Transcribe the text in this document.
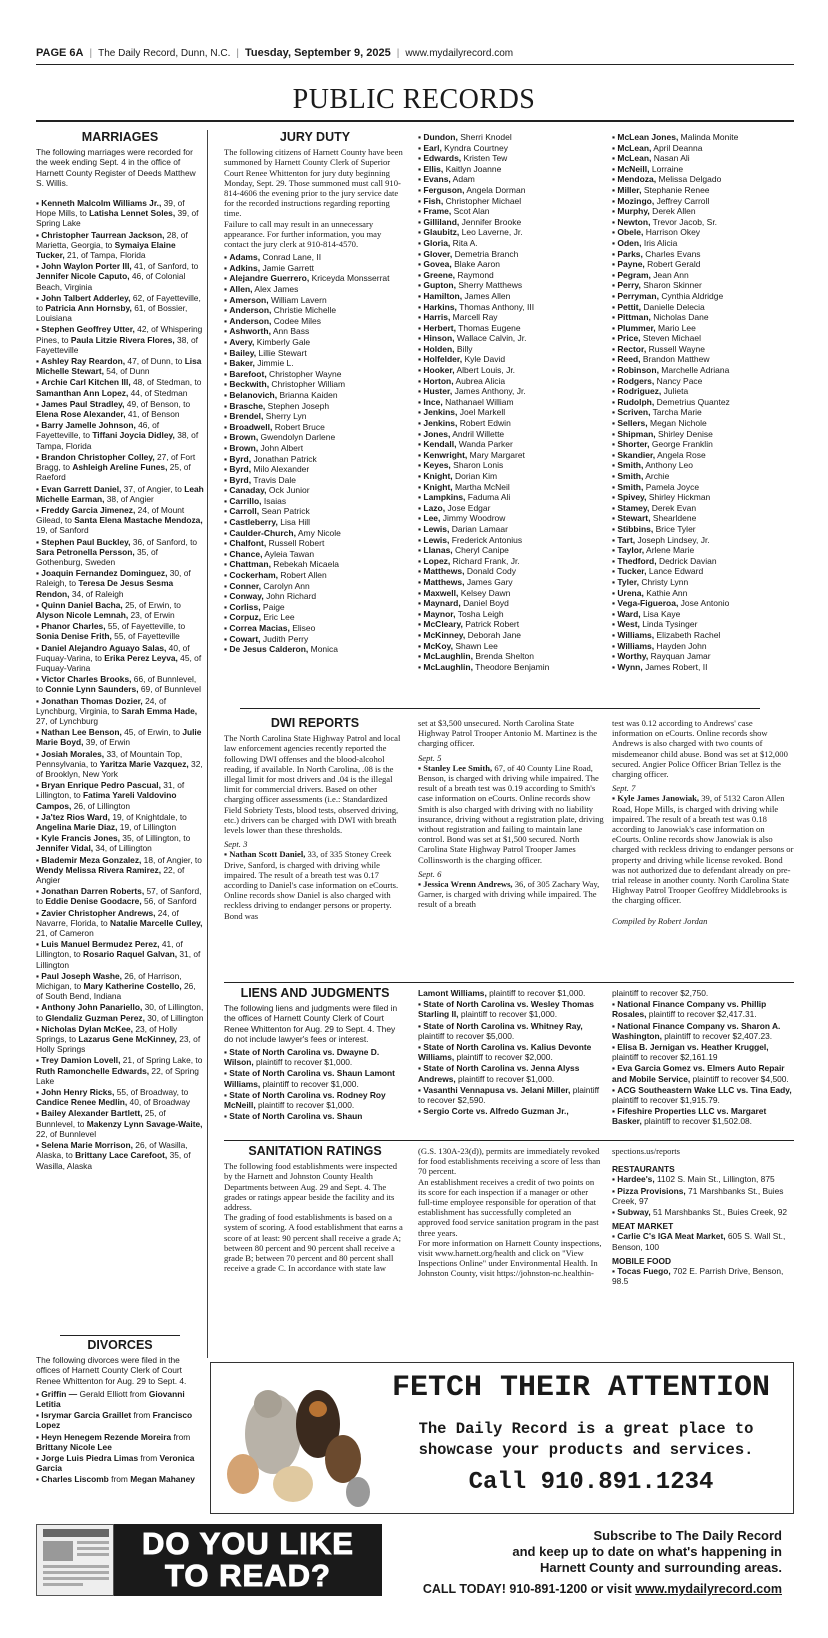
PAGE 6A | The Daily Record, Dunn, N.C. | Tuesday, September 9, 2025 | www.mydailyrecord.com
PUBLIC RECORDS
MARRIAGES

The following marriages were recorded for the week ending Sept. 4 in the office of Harnett County Register of Deeds Matthew S. Willis.

▪ Kenneth Malcolm Williams Jr., 39, of Hope Mills, to Latisha Lennet Soles, 39, of Spring Lake
▪ Christopher Taurrean Jackson, 28, of Marietta, Georgia, to Symaiya Elaine Tucker, 21, of Tampa, Florida
▪ John Waylon Porter III, 41, of Sanford, to Jennifer Nicole Caputo, 46, of Colonial Beach, Virginia
▪ John Talbert Adderley, 62, of Fayetteville, to Patricia Ann Hornsby, 61, of Bossier, Louisiana
▪ Stephen Geoffrey Utter, 42, of Whispering Pines, to Paula Litzie Rivera Flores, 38, of Fayetteville
▪ Ashley Ray Reardon, 47, of Dunn, to Lisa Michelle Stewart, 54, of Dunn
▪ Archie Carl Kitchen III, 48, of Stedman, to Samanthan Ann Lopez, 44, of Stedman
▪ James Paul Stradley, 49, of Benson, to Elena Rose Alexander, 41, of Benson
▪ Barry Jamelle Johnson, 46, of Fayetteville, to Tiffani Joycia Didley, 38, of Tampa, Florida
▪ Brandon Christopher Colley, 27, of Fort Bragg, to Ashleigh Areline Funes, 25, of Raeford
▪ Evan Garrett Daniel, 37, of Angier, to Leah Michelle Earman, 38, of Angier
▪ Freddy Garcia Jimenez, 24, of Mount Gilead, to Santa Elena Mastache Mendoza, 19, of Sanford
▪ Stephen Paul Buckley, 36, of Sanford, to Sara Petronella Persson, 35, of Gothenburg, Sweden
▪ Joaquin Fernandez Dominguez, 30, of Raleigh, to Teresa De Jesus Sesma Rendon, 34, of Raleigh
▪ Quinn Daniel Bacha, 25, of Erwin, to Alyson Nicole Lemnah, 23, of Erwin
▪ Phanor Charles, 55, of Fayetteville, to Sonia Denise Frith, 55, of Fayetteville
▪ Daniel Alejandro Aguayo Salas, 40, of Fuquay-Varina, to Erika Perez Leyva, 45, of Fuquay-Varina
▪ Victor Charles Brooks, 66, of Bunnlevel, to Connie Lynn Saunders, 69, of Bunnlevel
▪ Jonathan Thomas Dozier, 24, of Lynchburg, Virginia, to Sarah Emma Hade, 27, of Lynchburg
▪ Nathan Lee Benson, 45, of Erwin, to Julie Marie Boyd, 39, of Erwin
▪ Josiah Morales, 33, of Mountain Top, Pennsylvania, to Yaritza Marie Vazquez, 32, of Brooklyn, New York
▪ Bryan Enrique Pedro Pascual, 31, of Lillington, to Fatima Yareli Valdovino Campos, 26, of Lillington
▪ Ja'tez Rios Ward, 19, of Knightdale, to Angelina Marie Diaz, 19, of Lillington
▪ Kyle Francis Jones, 35, of Lillington, to Jennifer Vidal, 34, of Lillington
▪ Blademir Meza Gonzalez, 18, of Angier, to Wendy Melissa Rivera Ramirez, 22, of Angier
▪ Jonathan Darren Roberts, 57, of Sanford, to Eddie Denise Goodacre, 56, of Sanford
▪ Zavier Christopher Andrews, 24, of Navarre, Florida, to Natalie Marcelle Culley, 21, of Cameron
▪ Luis Manuel Bermudez Perez, 41, of Lillington, to Rosario Raquel Galvan, 31, of Lillington
▪ Paul Joseph Washe, 26, of Harrison, Michigan, to Mary Katherine Costello, 26, of South Bend, Indiana
▪ Anthony John Panariello, 30, of Lillington, to Glendaliz Guzman Perez, 30, of Lillington
▪ Nicholas Dylan McKee, 23, of Holly Springs, to Lazarus Gene McKinney, 23, of Holly Springs
▪ Trey Damion Lovell, 21, of Spring Lake, to Ruth Ramonchelle Edwards, 22, of Spring Lake
▪ John Henry Ricks, 55, of Broadway, to Candice Renee Medlin, 40, of Broadway
▪ Bailey Alexander Bartlett, 25, of Bunnlevel, to Makenzy Lynn Savage-Waite, 22, of Bunnlevel
▪ Selena Marie Morrison, 26, of Wasilla, Alaska, to Brittany Lace Carefoot, 35, of Wasilla, Alaska
DIVORCES

The following divorces were filed in the offices of Harnett County Clerk of Court Renee Whittenton for Aug. 29 to Sept. 4.

▪ Griffin — Gerald Elliott from Giovanni Letitia
▪ Isrymar Garcia Graillet from Francisco Lopez
▪ Heyn Henegem Rezende Moreira from Brittany Nicole Lee
▪ Jorge Luis Piedra Limas from Veronica Garcia
▪ Charles Liscomb from Megan Mahaney
JURY DUTY

The following citizens of Harnett County have been summoned by Harnett County Clerk of Superior Court Renee Whittenton for jury duty beginning Monday, Sept. 29. Those summoned must call 910-814-4606 the evening prior to the jury service date for the recorded instructions regarding reporting time.

Failure to call may result in an unnecessary appearance. For further information, you may contact the jury clerk at 910-814-4570.

▪ Adams, Conrad Lane, II
▪ Adkins, Jamie Garrett
▪ Alejandre Guerrero, Kriceyda Monsserrat
▪ Allen, Alex James
▪ Amerson, William Lavern
▪ Anderson, Christie Michelle
▪ Anderson, Codee Miles
▪ Ashworth, Ann Bass
▪ Avery, Kimberly Gale
▪ Bailey, Lillie Stewart
▪ Baker, Jimmie L.
▪ Barefoot, Christopher Wayne
▪ Beckwith, Christopher William
▪ Belanovich, Brianna Kaiden
▪ Brasche, Stephen Joseph
▪ Brendel, Sherry Lyn
▪ Broadwell, Robert Bruce
▪ Brown, Gwendolyn Darlene
▪ Brown, John Albert
▪ Byrd, Jonathan Patrick
▪ Byrd, Milo Alexander
▪ Byrd, Travis Dale
▪ Canaday, Ock Junior
▪ Carrillo, Isaias
▪ Carroll, Sean Patrick
▪ Castleberry, Lisa Hill
▪ Caulder-Church, Amy Nicole
▪ Chalfont, Russell Robert
▪ Chance, Ayleia Tawan
▪ Chattman, Rebekah Micaela
▪ Cockerham, Robert Allen
▪ Conner, Carolyn Ann
▪ Conway, John Richard
▪ Corliss, Paige
▪ Corpuz, Eric Lee
▪ Correa Macias, Eliseo
▪ Cowart, Judith Perry
▪ De Jesus Calderon, Monica
▪ Dundon, Sherri Knodel
▪ Earl, Kyndra Courtney
▪ Edwards, Kristen Tew
▪ Ellis, Kaitlyn Joanne
▪ Evans, Adam
▪ Ferguson, Angela Dorman
▪ Fish, Christopher Michael
▪ Frame, Scot Alan
▪ Gilliland, Jennifer Brooke
▪ Glaubitz, Leo Laverne, Jr.
▪ Gloria, Rita A.
▪ Glover, Demetria Branch
▪ Govea, Blake Aaron
▪ Greene, Raymond
▪ Gupton, Sherry Matthews
▪ Hamilton, James Allen
▪ Harkins, Thomas Anthony, III
▪ Harris, Marcell Ray
▪ Herbert, Thomas Eugene
▪ Hinson, Wallace Calvin, Jr.
▪ Holden, Billy
▪ Holfelder, Kyle David
▪ Hooker, Albert Louis, Jr.
▪ Horton, Aubrea Alicia
▪ Huster, James Anthony, Jr.
▪ Ince, Nathanael William
▪ Jenkins, Joel Markell
▪ Jenkins, Robert Edwin
▪ Jones, Andril Willette
▪ Kendall, Wanda Parker
▪ Kenwright, Mary Margaret
▪ Keyes, Sharon Lonis
▪ Knight, Dorian Kim
▪ Knight, Martha McNeil
▪ Lampkins, Faduma Ali
▪ Lazo, Jose Edgar
▪ Lee, Jimmy Woodrow
▪ Lewis, Darian Lamaar
▪ Lewis, Frederick Antonius
▪ Llanas, Cheryl Canipe
▪ Lopez, Richard Frank, Jr.
▪ Matthews, Donald Cody
▪ Matthews, James Gary
▪ Maxwell, Kelsey Dawn
▪ Maynard, Daniel Boyd
▪ Maynor, Tosha Leigh
▪ McCleary, Patrick Robert
▪ McKinney, Deborah Jane
▪ McKoy, Shawn Lee
▪ McLaughlin, Brenda Shelton
▪ McLaughlin, Theodore Benjamin
▪ McLean Jones, Malinda Monite
▪ McLean, April Deanna
▪ McLean, Nasan Ali
▪ McNeill, Lorraine
▪ Mendoza, Melissa Delgado
▪ Miller, Stephanie Renee
▪ Mozingo, Jeffrey Carroll
▪ Murphy, Derek Allen
▪ Newton, Trevor Jacob, Sr.
▪ Obele, Harrison Okey
▪ Oden, Iris Alicia
▪ Parks, Charles Evans
▪ Payne, Robert Gerald
▪ Pegram, Jean Ann
▪ Perry, Sharon Skinner
▪ Perryman, Cynthia Aldridge
▪ Pettit, Danielle Delecia
▪ Pittman, Nicholas Dane
▪ Plummer, Mario Lee
▪ Price, Steven Michael
▪ Rector, Russell Wayne
▪ Reed, Brandon Matthew
▪ Robinson, Marchelle Adriana
▪ Rodgers, Nancy Pace
▪ Rodriguez, Julieta
▪ Rudolph, Demetrius Quantez
▪ Scriven, Tarcha Marie
▪ Sellers, Megan Nichole
▪ Shipman, Shirley Denise
▪ Shorter, George Franklin
▪ Skandier, Angela Rose
▪ Smith, Anthony Leo
▪ Smith, Archie
▪ Smith, Pamela Joyce
▪ Spivey, Shirley Hickman
▪ Stamey, Derek Evan
▪ Stewart, Shearldene
▪ Stibbins, Brice Tyler
▪ Tart, Joseph Lindsey, Jr.
▪ Taylor, Arlene Marie
▪ Thedford, Dedrick Davian
▪ Tucker, Lance Edward
▪ Tyler, Christy Lynn
▪ Urena, Kathie Ann
▪ Vega-Figueroa, Jose Antonio
▪ Ward, Lisa Kaye
▪ West, Linda Tysinger
▪ Williams, Elizabeth Rachel
▪ Williams, Hayden John
▪ Worthy, Rayquan Jamar
▪ Wynn, James Robert, II
DWI REPORTS

The North Carolina State Highway Patrol and local law enforcement agencies recently reported the following DWI offenses and the blood-alcohol reading, if available. In North Carolina, .08 is the illegal limit for most drivers and .04 is the illegal limit for commercial drivers. Based on other charging officer assessments (i.e.: Standardized Field Sobriety Tests, blood tests, observed driving, etc.) drivers can be charged with DWI with breath levels lower than these thresholds.

Sept. 3
▪ Nathan Scott Daniel, 33, of 335 Stoney Creek Drive, Sanford, is charged with driving while impaired. The result of a breath test was 0.17 according to Daniel's case information on eCourts. Online records show Daniel is also charged with reckless driving to endanger persons or property. Bond was

set at $3,500 unsecured. North Carolina State Highway Patrol Trooper Antonio M. Martinez is the charging officer.

Sept. 5
▪ Stanley Lee Smith, 67, of 40 County Line Road, Benson, is charged with driving while impaired. The result of a breath test was 0.19 according to Smith's case information on eCourts. Online records show Smith is also charged with driving with no liability insurance, driving without a registration plate, driving without registration and failing to maintain lane control. Bond was set at $1,500 secured. North Carolina State Highway Patrol Trooper James Collinsworth is the charging officer.
Sept. 6
▪ Jessica Wrenn Andrews, 36, of 305 Zachary Way, Garner, is charged with driving while impaired. The result of a breath

test was 0.12 according to Andrews' case information on eCourts. Online records show Andrews is also charged with two counts of misdemeanor child abuse. Bond was set at $12,000 secured. Angier Police Officer Brian Tellez is the charging officer.

Sept. 7
▪ Kyle James Janowiak, 39, of 5132 Caron Allen Road, Hope Mills, is charged with driving while impaired. The result of a breath test was 0.18 according to Janowiak's case information on eCourts. Online records show Janowiak is also charged with reckless driving to endanger persons or property and driving while license revoked. Bond was not authorized due to defendant already on pre-trial release in another county. North Carolina State Highway Patrol Trooper Geoffrey Middlebrooks is the charging officer.
Compiled by Robert Jordan
LIENS AND JUDGMENTS

The following liens and judgments were filed in the offices of Harnett County Clerk of Court Renee Whittenton for Aug. 29 to Sept. 4. They do not include lawyer's fees or interest.

▪ State of North Carolina vs. Dwayne D. Wilson, plaintiff to recover $1,000.
▪ State of North Carolina vs. Shaun Lamont Williams, plaintiff to recover $1,000.
▪ State of North Carolina vs. Rodney Roy McNeill, plaintiff to recover $1,000.
▪ State of North Carolina vs. Shaun
Lamont Williams, plaintiff to recover $1,000.
▪ State of North Carolina vs. Wesley Thomas Starling II, plaintiff to recover $1,000.
▪ State of North Carolina vs. Whitney Ray, plaintiff to recover $5,000.
▪ State of North Carolina vs. Kalius Devonte Williams, plaintiff to recover $2,000.
▪ State of North Carolina vs. Jenna Alyss Andrews, plaintiff to recover $1,000.
▪ Vasanthi Vennapusa vs. Jelani Miller, plaintiff to recover $2,590.
▪ Sergio Corte vs. Alfredo Guzman Jr.,
plaintiff to recover $2,750.
▪ National Finance Company vs. Phillip Rosales, plaintiff to recover $2,417.31.
▪ National Finance Company vs. Sharon A. Washington, plaintiff to recover $2,407.23.
▪ Elisa B. Jernigan vs. Heather Kruggel, plaintiff to recover $2,161.19
▪ Eva Garcia Gomez vs. Elmers Auto Repair and Mobile Service, plaintiff to recover $4,500.
▪ ACG Southeastern Wake LLC vs. Tina Eady, plaintiff to recover $1,915.79.
▪ Fifeshire Properties LLC vs. Margaret Basker, plaintiff to recover $1,502.08.
SANITATION RATINGS

The following food establishments were inspected by the Harnett and Johnston County Health Departments between Aug. 29 and Sept. 4. The grades or ratings appear beside the facility and its address.

The grading of food establishments is based on a system of scoring. A food establishment that earns a score of at least: 90 percent shall receive a grade A; between 80 percent and 90 percent shall receive a grade B; between 70 percent and 80 percent shall receive a grade C. In accordance with state law

(G.S. 130A-23(d)), permits are immediately revoked for food establishments receiving a score of less than 70 percent.

An establishment receives a credit of two points on its score for each inspection if a manager or other full-time employee responsible for operation of that establishment has successfully completed an approved food service sanitation program in the past three years.

For more information on Harnett County inspections, visit www.harnett.org/health and click on "View Inspections Online" under Environmental Health. In Johnston County, visit https://johnston-nc.healthin-

spections.us/reports

RESTAURANTS
▪ Hardee's, 1102 S. Main St., Lillington, 875
▪ Pizza Provisions, 71 Marshbanks St., Buies Creek, 97
▪ Subway, 51 Marshbanks St., Buies Creek, 92
MEAT MARKET
▪ Carlie C's IGA Meat Market, 605 S. Wall St., Benson, 100
MOBILE FOOD
▪ Tocas Fuego, 702 E. Parrish Drive, Benson, 98.5
FETCH THEIR ATTENTION
The Daily Record is a great place to
showcase your products and services.
Call 910.891.1234
DO YOU LIKE
TO READ?
Subscribe to The Daily Record
and keep up to date on what's happening in
Harnett County and surrounding areas.
CALL TODAY! 910-891-1200 or visit www.mydailyrecord.com
